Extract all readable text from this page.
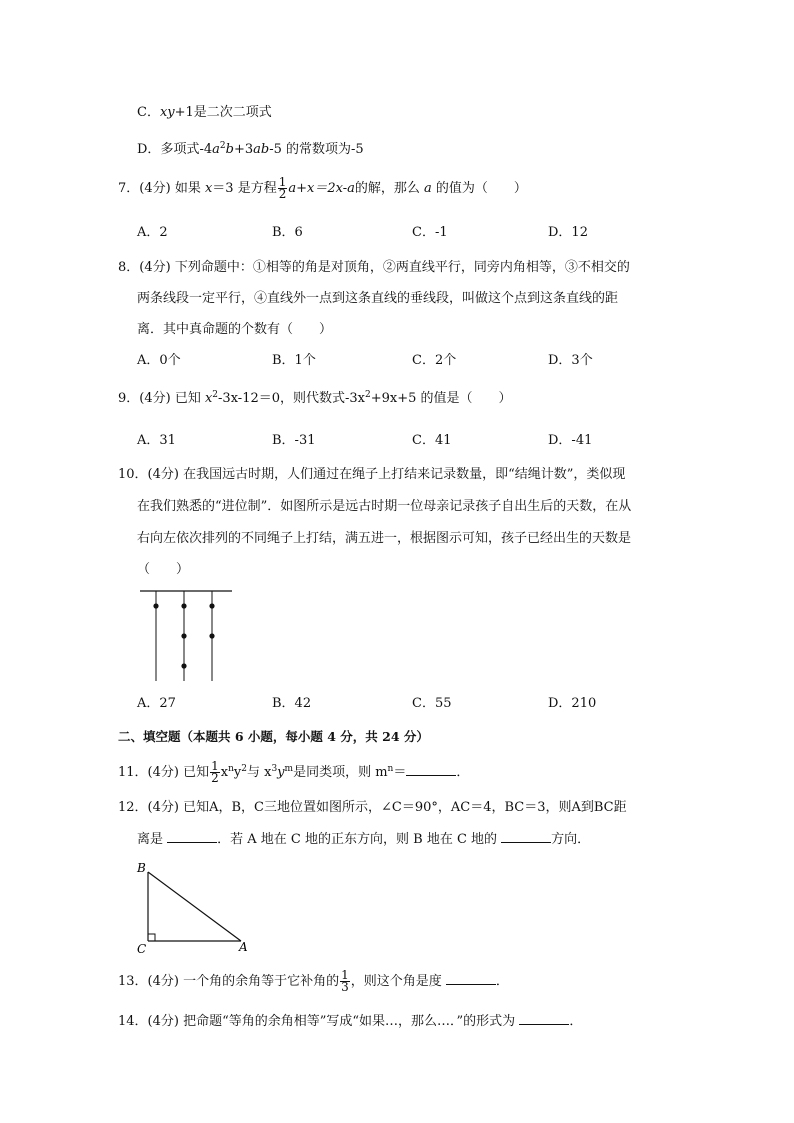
C．xy+1是二次二项式
D．多项式$-4a^2b+3ab-5$ 的常数项为-5
7．(4分) 如果 x＝3 是方程 $\frac{1}{2} a+x=2x-a$的解，那么 a 的值为（　　）
A．2	B．6	C．-1	D．12
8．(4分) 下列命题中：①相等的角是对顶角，②两直线平行，同旁内角相等，③不相交的
两条线段一定平行，④直线外一点到这条直线的垂线段，叫做这个点到这条直线的距
离．其中真命题的个数有（　　）
A．0个	B．1个	C．2个	D．3个
9．(4分) 已知 $x^2-3x-12=0$，则代数式$-3x^2+9x+5$ 的值是（　　）
A．31	B．-31	C．41	D．-41
10．(4分) 在我国远古时期，人们通过在绳子上打结来记录数量，即“结绳计数”，类似现
在我们熟悉的“进位制”．如图所示是远古时期一位母亲记录孩子自出生后的天数，在从
右向左依次排列的不同绳子上打结，满五进一，根据图示可知，孩子已经出生的天数是
（　　）
A．27	B．42	C．55	D．210
二、填空题（本题共 6 小题，每小题 4 分，共 24 分）
11．(4分) 已知 $\frac{1}{2} x^ny^2$与 $x^3y^m$是同类项，则 $m^n=$	．
12．(4分) 已知A，B，C三地位置如图所示，∠C＝90°，AC＝4，BC＝3，则A到BC距
离是	．若 A 地在 C 地的正东方向，则 B 地在 C 地的	方向．
B
C	A
13．(4分) 一个角的余角等于它补角的 $\frac{1}{3}$ ，则这个角是度	．
14．(4分) 把命题“等角的余角相等”写成“如果…，那么…．”的形式为	．
